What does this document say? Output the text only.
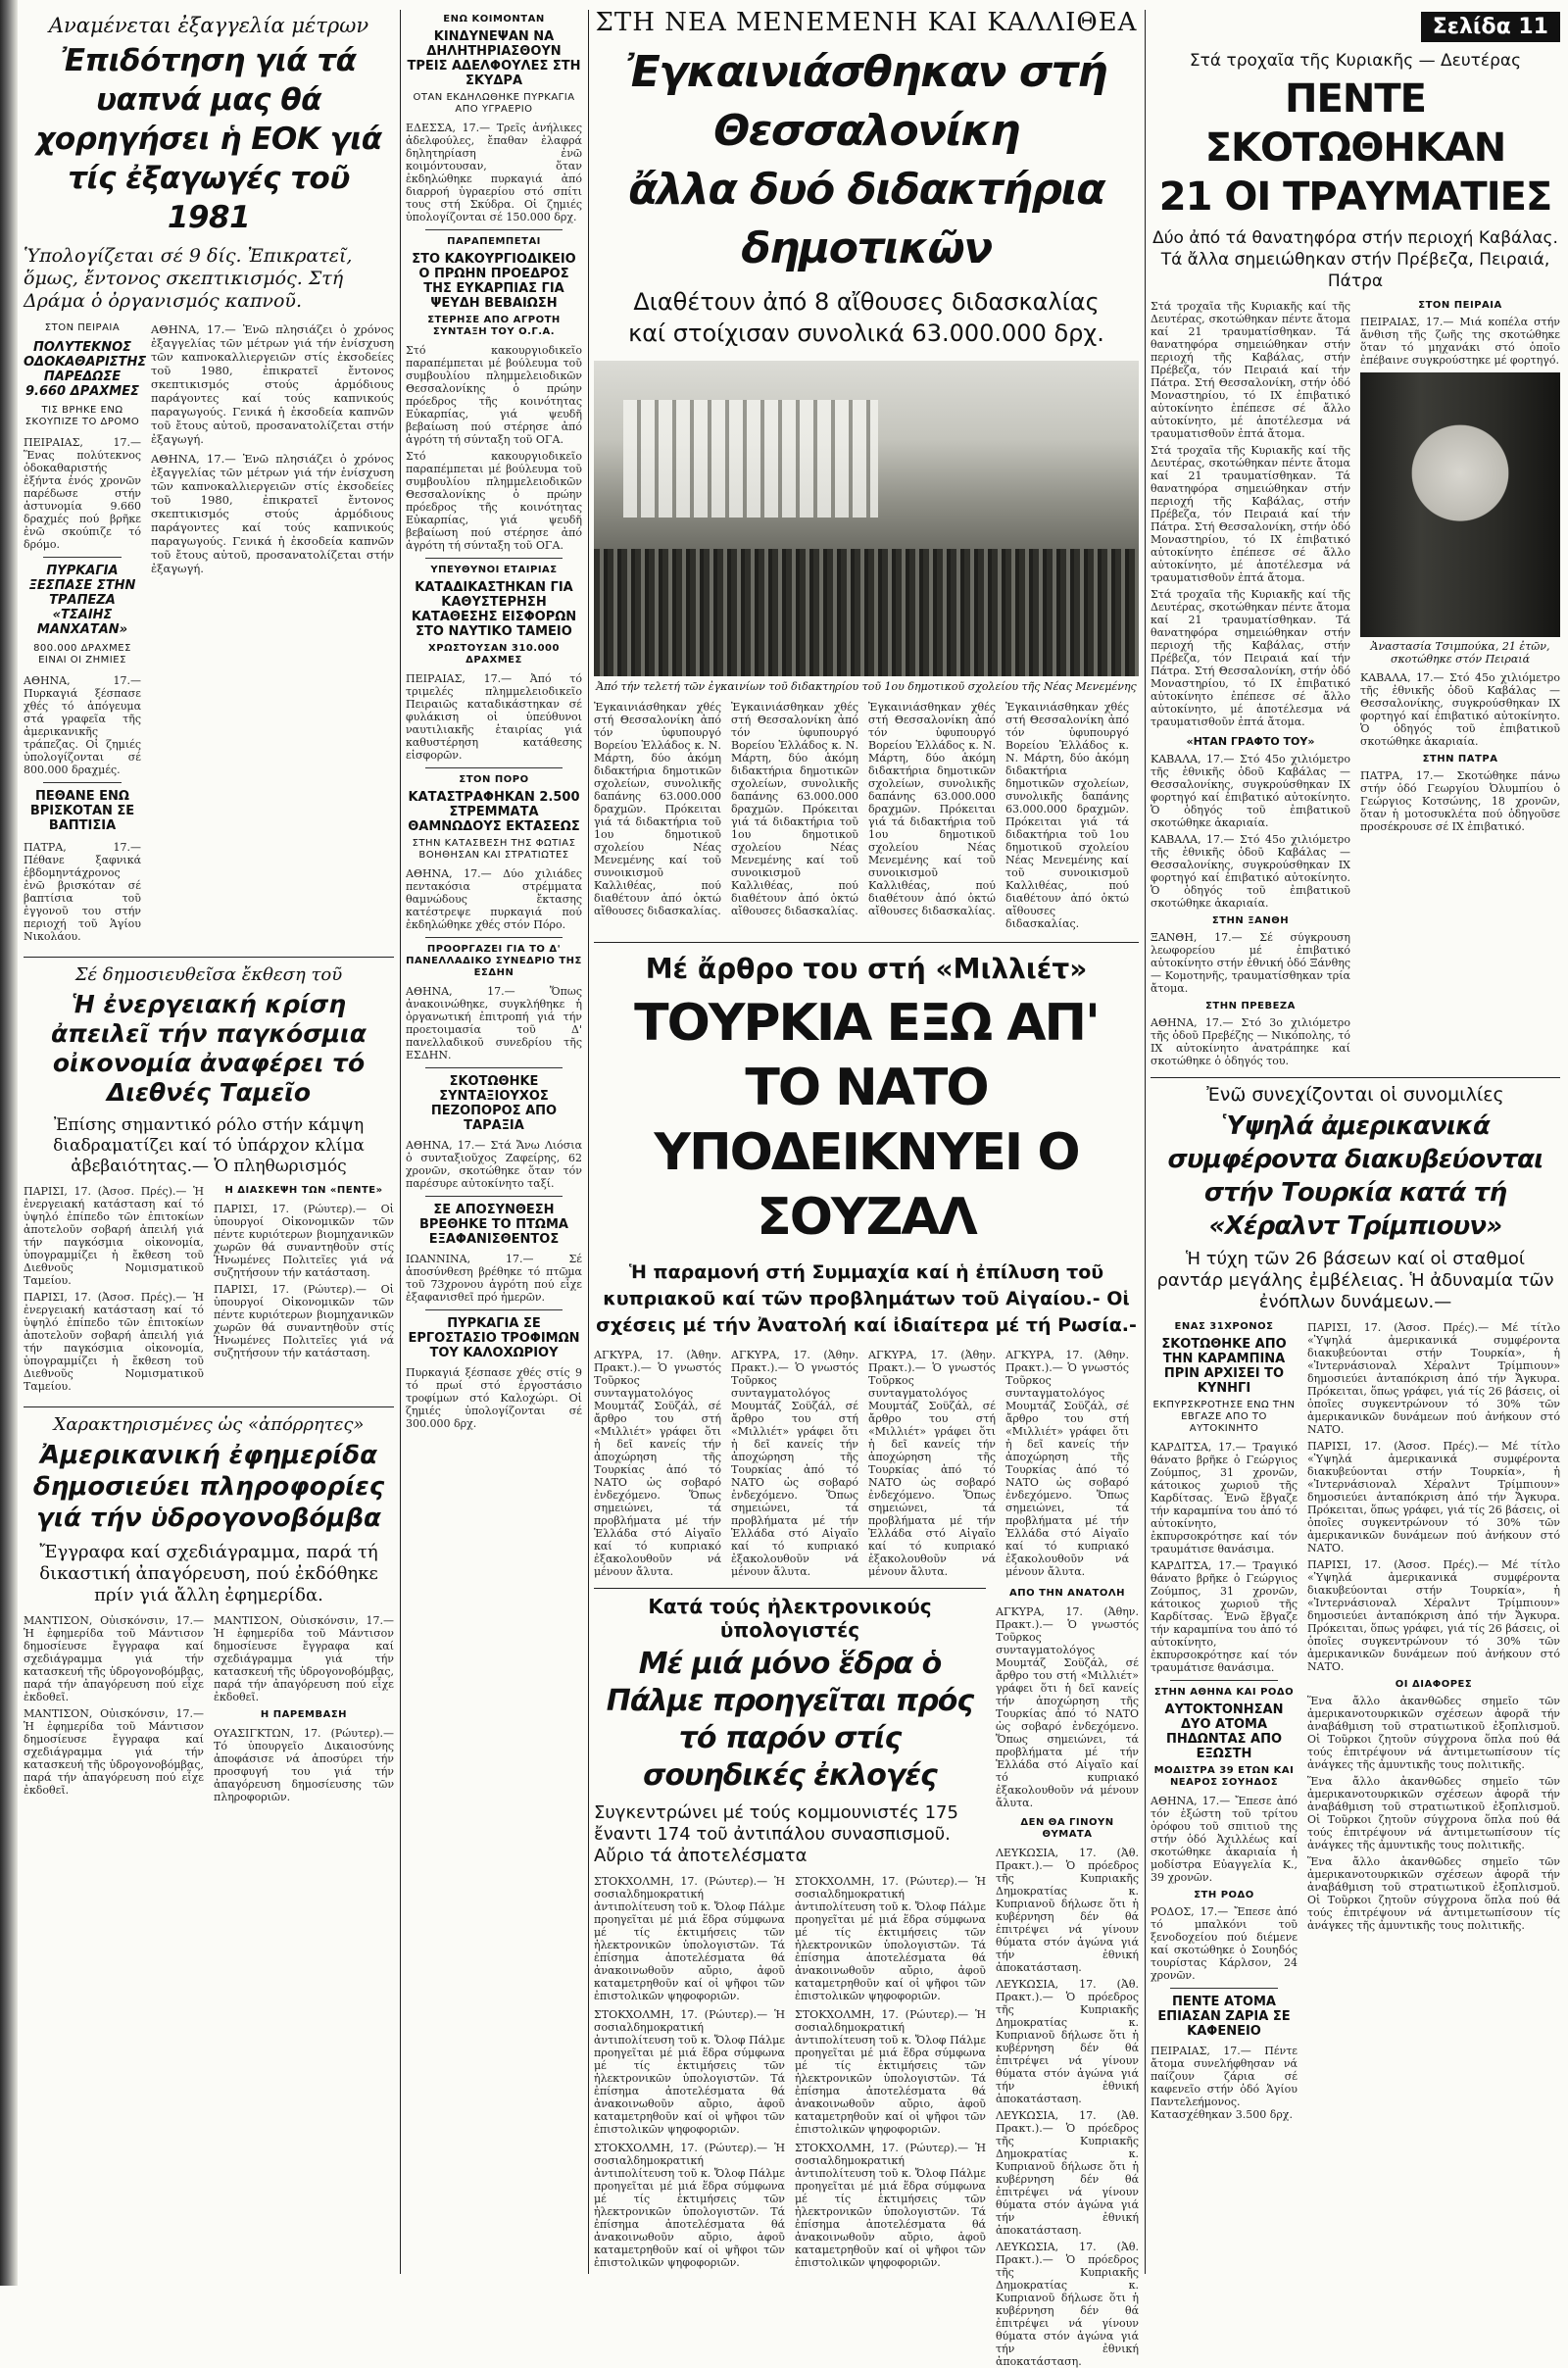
Αναμένεται ἐξαγγελία μέτρων
Ἐπιδότηση γιά τά υαπνά μας θά χορηγήσει ἡ ΕΟΚ γιά τίς ἐξαγωγές τοῦ 1981
Ὑπολογίζεται σέ 9 δίς. Ἐπικρατεῖ, ὅμως, ἔντονος σκεπτικισμός. Στή Δράμα ὁ ὀργανισμός καπνοῦ.
ΣΤΟΝ ΠΕΙΡΑΙΑ
ΠΟΛΥΤΕΚΝΟΣ ΟΔΟΚΑΘΑΡΙΣΤΗΣ ΠΑΡΕΔΩΣΕ 9.660 ΔΡΑΧΜΕΣ
ΤΙΣ ΒΡΗΚΕ ΕΝΩ ΣΚΟΥΠΙΖΕ ΤΟ ΔΡΟΜΟ
ΠΕΙΡΑΙΑΣ, 17.— Ἕνας πολύτεκνος ὁδοκαθαριστής ἐξήντα ἑνός χρονῶν παρέδωσε στήν ἀστυνομία 9.660 δραχμές πού βρῆκε ἐνῶ σκούπιζε τό δρόμο.
ΠΥΡΚΑΓΙΑ ΞΕΣΠΑΣΕ ΣΤΗΝ ΤΡΑΠΕΖΑ «ΤΣΑΙΗΣ ΜΑΝΧΑΤΑΝ»
800.000 ΔΡΑΧΜΕΣ ΕΙΝΑΙ ΟΙ ΖΗΜΙΕΣ
ΑΘΗΝΑ, 17.— Πυρκαγιά ξέσπασε χθές τό ἀπόγευμα στά γραφεῖα τῆς ἀμερικανικῆς τράπεζας. Οἱ ζημιές ὑπολογίζονται σέ 800.000 δραχμές.
ΠΕΘΑΝΕ ΕΝΩ ΒΡΙΣΚΟΤΑΝ ΣΕ ΒΑΠΤΙΣΙΑ
ΠΑΤΡΑ, 17.— Πέθανε ξαφνικά ἑβδομηντάχρονος ἐνῶ βρισκόταν σέ βαπτίσια τοῦ ἐγγονοῦ του στήν περιοχή τοῦ Ἁγίου Νικολάου.
ΑΘΗΝΑ, 17.— Ἐνῶ πλησιάζει ὁ χρόνος ἐξαγγελίας τῶν μέτρων γιά τήν ἐνίσχυση τῶν καπνοκαλλιεργειῶν στίς ἐκσοδείες τοῦ 1980, ἐπικρατεῖ ἔντονος σκεπτικισμός στούς ἁρμόδιους παράγοντες καί τούς καπνικούς παραγωγούς. Γενικά ἡ ἐκσοδεία καπνῶν τοῦ ἔτους αὐτοῦ, προσανατολίζεται στήν ἐξαγωγή.
ΑΘΗΝΑ, 17.— Ἐνῶ πλησιάζει ὁ χρόνος ἐξαγγελίας τῶν μέτρων γιά τήν ἐνίσχυση τῶν καπνοκαλλιεργειῶν στίς ἐκσοδείες τοῦ 1980, ἐπικρατεῖ ἔντονος σκεπτικισμός στούς ἁρμόδιους παράγοντες καί τούς καπνικούς παραγωγούς. Γενικά ἡ ἐκσοδεία καπνῶν τοῦ ἔτους αὐτοῦ, προσανατολίζεται στήν ἐξαγωγή.
Σέ δημοσιευθεῖσα ἔκθεση τοῦ
Ἡ ἐνεργειακή κρίση ἀπειλεῖ τήν παγκόσμια οἰκονομία ἀναφέρει τό Διεθνές Ταμεῖο
Ἐπίσης σημαντικό ρόλο στήν κάμψη διαδραματίζει καί τό ὑπάρχον κλίμα ἀβεβαιότητας.— Ὁ πληθωρισμός
ΠΑΡΙΣΙ, 17. (Ἀσοσ. Πρές).— Ἡ ἐνεργειακή κατάσταση καί τό ὑψηλό ἐπίπεδο τῶν ἐπιτοκίων ἀποτελοῦν σοβαρή ἀπειλή γιά τήν παγκόσμια οἰκονομία, ὑπογραμμίζει ἡ ἔκθεση τοῦ Διεθνοῦς Νομισματικοῦ Ταμείου.
ΠΑΡΙΣΙ, 17. (Ἀσοσ. Πρές).— Ἡ ἐνεργειακή κατάσταση καί τό ὑψηλό ἐπίπεδο τῶν ἐπιτοκίων ἀποτελοῦν σοβαρή ἀπειλή γιά τήν παγκόσμια οἰκονομία, ὑπογραμμίζει ἡ ἔκθεση τοῦ Διεθνοῦς Νομισματικοῦ Ταμείου.
Η ΔΙΑΣΚΕΨΗ ΤΩΝ «ΠΕΝΤΕ»
ΠΑΡΙΣΙ, 17. (Ρώυτερ).— Οἱ ὑπουργοί Οἰκονομικῶν τῶν πέντε κυριότερων βιομηχανικῶν χωρῶν θά συναντηθοῦν στίς Ἡνωμένες Πολιτεῖες γιά νά συζητήσουν τήν κατάσταση.
ΠΑΡΙΣΙ, 17. (Ρώυτερ).— Οἱ ὑπουργοί Οἰκονομικῶν τῶν πέντε κυριότερων βιομηχανικῶν χωρῶν θά συναντηθοῦν στίς Ἡνωμένες Πολιτεῖες γιά νά συζητήσουν τήν κατάσταση.
Χαρακτηρισμένες ὡς «ἀπόρρητες»
Ἀμερικανική ἐφημερίδα δημοσιεύει πληροφορίες γιά τήν ὑδρογονοβόμβα
Ἔγγραφα καί σχεδιάγραμμα, παρά τή δικαστική ἀπαγόρευση, πού ἐκδόθηκε πρίν γιά ἄλλη ἐφημερίδα.
ΜΑΝΤΙΣΟΝ, Οὐισκόνσιν, 17.— Ἡ ἐφημερίδα τοῦ Μάντισον δημοσίευσε ἔγγραφα καί σχεδιάγραμμα γιά τήν κατασκευή τῆς ὑδρογονοβόμβας, παρά τήν ἀπαγόρευση πού εἶχε ἐκδοθεῖ.
ΜΑΝΤΙΣΟΝ, Οὐισκόνσιν, 17.— Ἡ ἐφημερίδα τοῦ Μάντισον δημοσίευσε ἔγγραφα καί σχεδιάγραμμα γιά τήν κατασκευή τῆς ὑδρογονοβόμβας, παρά τήν ἀπαγόρευση πού εἶχε ἐκδοθεῖ.
ΜΑΝΤΙΣΟΝ, Οὐισκόνσιν, 17.— Ἡ ἐφημερίδα τοῦ Μάντισον δημοσίευσε ἔγγραφα καί σχεδιάγραμμα γιά τήν κατασκευή τῆς ὑδρογονοβόμβας, παρά τήν ἀπαγόρευση πού εἶχε ἐκδοθεῖ.
Η ΠΑΡΕΜΒΑΣΗ
ΟΥΑΣΙΓΚΤΩΝ, 17. (Ρώυτερ).— Τό ὑπουργεῖο Δικαιοσύνης ἀποφάσισε νά ἀποσύρει τήν προσφυγή του γιά τήν ἀπαγόρευση δημοσίευσης τῶν πληροφοριῶν.
ΕΝΩ ΚΟΙΜΟΝΤΑΝ
ΚΙΝΔΥΝΕΨΑΝ ΝΑ ΔΗΛΗΤΗΡΙΑΣΘΟΥΝ ΤΡΕΙΣ ΑΔΕΛΦΟΥΛΕΣ ΣΤΗ ΣΚΥΔΡΑ
ΟΤΑΝ ΕΚΔΗΛΩΘΗΚΕ ΠΥΡΚΑΓΙΑ ΑΠΟ ΥΓΡΑΕΡΙΟ
ΕΔΕΣΣΑ, 17.— Τρεῖς ἀνήλικες ἀδελφούλες, ἔπαθαν ἐλαφρά δηλητηρίαση ἐνῶ κοιμόντουσαν, ὅταν ἐκδηλώθηκε πυρκαγιά ἀπό διαρροή ὑγραερίου στό σπίτι τους στή Σκύδρα. Οἱ ζημιές ὑπολογίζονται σέ 150.000 δρχ.
ΠΑΡΑΠΕΜΠΕΤΑΙ
ΣΤΟ ΚΑΚΟΥΡΓΙΟΔΙΚΕΙΟ Ο ΠΡΩΗΝ ΠΡΟΕΔΡΟΣ ΤΗΣ ΕΥΚΑΡΠΙΑΣ ΓΙΑ ΨΕΥΔΗ ΒΕΒΑΙΩΣΗ
ΣΤΕΡΗΣΕ ΑΠΟ ΑΓΡΟΤΗ ΣΥΝΤΑΞΗ ΤΟΥ Ο.Γ.Α.
Στό κακουργιοδικεῖο παραπέμπεται μέ βούλευμα τοῦ συμβουλίου πλημμελειοδικῶν Θεσσαλονίκης ὁ πρώην πρόεδρος τῆς κοινότητας Εὐκαρπίας, γιά ψευδῆ βεβαίωση πού στέρησε ἀπό ἀγρότη τή σύνταξη τοῦ ΟΓΑ.
Στό κακουργιοδικεῖο παραπέμπεται μέ βούλευμα τοῦ συμβουλίου πλημμελειοδικῶν Θεσσαλονίκης ὁ πρώην πρόεδρος τῆς κοινότητας Εὐκαρπίας, γιά ψευδῆ βεβαίωση πού στέρησε ἀπό ἀγρότη τή σύνταξη τοῦ ΟΓΑ.
ΥΠΕΥΘΥΝΟΙ ΕΤΑΙΡΙΑΣ
ΚΑΤΑΔΙΚΑΣΤΗΚΑΝ ΓΙΑ ΚΑΘΥΣΤΕΡΗΣΗ ΚΑΤΑΘΕΣΗΣ ΕΙΣΦΟΡΩΝ ΣΤΟ ΝΑΥΤΙΚΟ ΤΑΜΕΙΟ
ΧΡΩΣΤΟΥΣΑΝ 310.000 ΔΡΑΧΜΕΣ
ΠΕΙΡΑΙΑΣ, 17.— Ἀπό τό τριμελές πλημμελειοδικεῖο Πειραιῶς καταδικάστηκαν σέ φυλάκιση οἱ ὑπεύθυνοι ναυτιλιακῆς ἑταιρίας γιά καθυστέρηση κατάθεσης εἰσφορῶν.
ΣΤΟΝ ΠΟΡΟ
ΚΑΤΑΣΤΡΑΦΗΚΑΝ 2.500 ΣΤΡΕΜΜΑΤΑ ΘΑΜΝΩΔΟΥΣ ΕΚΤΑΣΕΩΣ
ΣΤΗΝ ΚΑΤΑΣΒΕΣΗ ΤΗΣ ΦΩΤΙΑΣ ΒΟΗΘΗΣΑΝ ΚΑΙ ΣΤΡΑΤΙΩΤΕΣ
ΑΘΗΝΑ, 17.— Δύο χιλιάδες πεντακόσια στρέμματα θαμνώδους ἔκτασης κατέστρεψε πυρκαγιά πού ἐκδηλώθηκε χθές στόν Πόρο.
ΠΡΟΟΡΓΑΖΕΙ ΓΙΑ ΤΟ Δ' ΠΑΝΕΛΛΑΔΙΚΟ ΣΥΝΕΔΡΙΟ ΤΗΣ ΕΣΔΗΝ
ΑΘΗΝΑ, 17.— Ὅπως ἀνακοινώθηκε, συγκλήθηκε ἡ ὀργανωτική ἐπιτροπή γιά τήν προετοιμασία τοῦ Δ' πανελλαδικοῦ συνεδρίου τῆς ΕΣΔΗΝ.
ΣΚΟΤΩΘΗΚΕ ΣΥΝΤΑΞΙΟΥΧΟΣ ΠΕΖΟΠΟΡΟΣ ΑΠΟ ΤΑΡΑΞΙΑ
ΑΘΗΝΑ, 17.— Στά Ἄνω Λιόσια ὁ συνταξιοῦχος Ζαφείρης, 62 χρονῶν, σκοτώθηκε ὅταν τόν παρέσυρε αὐτοκίνητο ταξί.
ΣΕ ΑΠΟΣΥΝΘΕΣΗ ΒΡΕΘΗΚΕ ΤΟ ΠΤΩΜΑ ΕΞΑΦΑΝΙΣΘΕΝΤΟΣ
ΙΩΑΝΝΙΝΑ, 17.— Σέ ἀποσύνθεση βρέθηκε τό πτῶμα τοῦ 73χρονου ἀγρότη πού εἶχε ἐξαφανισθεῖ πρό ἡμερῶν.
ΠΥΡΚΑΓΙΑ ΣΕ ΕΡΓΟΣΤΑΣΙΟ ΤΡΟΦΙΜΩΝ ΤΟΥ ΚΑΛΟΧΩΡΙΟΥ
Πυρκαγιά ξέσπασε χθές στίς 9 τό πρωί στό ἐργοστάσιο τροφίμων στό Καλοχώρι. Οἱ ζημιές ὑπολογίζονται σέ 300.000 δρχ.
ΣΤΗ ΝΕΑ ΜΕΝΕΜΕΝΗ ΚΑΙ ΚΑΛΛΙΘΕΑ
Ἐγκαινιάσθηκαν στή Θεσσαλονίκη
ἄλλα δυό διδακτήρια δημοτικῶν
Διαθέτουν ἀπό 8 αἴθουσες διδασκαλίας
καί στοίχισαν συνολικά 63.000.000 δρχ.
Ἀπό τήν τελετή τῶν ἐγκαινίων τοῦ διδακτηρίου τοῦ 1ου δημοτικοῦ σχολείου τῆς Νέας Μενεμένης
Ἐγκαινιάσθηκαν χθές στή Θεσσαλονίκη ἀπό τόν ὑφυπουργό Βορείου Ἑλλάδος κ. Ν. Μάρτη, δύο ἀκόμη διδακτήρια δημοτικῶν σχολείων, συνολικῆς δαπάνης 63.000.000 δραχμῶν. Πρόκειται γιά τά διδακτήρια τοῦ 1ου δημοτικοῦ σχολείου Νέας Μενεμένης καί τοῦ συνοικισμοῦ Καλλιθέας, πού διαθέτουν ἀπό ὀκτώ αἴθουσες διδασκαλίας.
Ἐγκαινιάσθηκαν χθές στή Θεσσαλονίκη ἀπό τόν ὑφυπουργό Βορείου Ἑλλάδος κ. Ν. Μάρτη, δύο ἀκόμη διδακτήρια δημοτικῶν σχολείων, συνολικῆς δαπάνης 63.000.000 δραχμῶν. Πρόκειται γιά τά διδακτήρια τοῦ 1ου δημοτικοῦ σχολείου Νέας Μενεμένης καί τοῦ συνοικισμοῦ Καλλιθέας, πού διαθέτουν ἀπό ὀκτώ αἴθουσες διδασκαλίας.
Ἐγκαινιάσθηκαν χθές στή Θεσσαλονίκη ἀπό τόν ὑφυπουργό Βορείου Ἑλλάδος κ. Ν. Μάρτη, δύο ἀκόμη διδακτήρια δημοτικῶν σχολείων, συνολικῆς δαπάνης 63.000.000 δραχμῶν. Πρόκειται γιά τά διδακτήρια τοῦ 1ου δημοτικοῦ σχολείου Νέας Μενεμένης καί τοῦ συνοικισμοῦ Καλλιθέας, πού διαθέτουν ἀπό ὀκτώ αἴθουσες διδασκαλίας.
Ἐγκαινιάσθηκαν χθές στή Θεσσαλονίκη ἀπό τόν ὑφυπουργό Βορείου Ἑλλάδος κ. Ν. Μάρτη, δύο ἀκόμη διδακτήρια δημοτικῶν σχολείων, συνολικῆς δαπάνης 63.000.000 δραχμῶν. Πρόκειται γιά τά διδακτήρια τοῦ 1ου δημοτικοῦ σχολείου Νέας Μενεμένης καί τοῦ συνοικισμοῦ Καλλιθέας, πού διαθέτουν ἀπό ὀκτώ αἴθουσες διδασκαλίας.
Μέ ἄρθρο του στή «Μιλλιέτ»
ΤΟΥΡΚΙΑ ΕΞΩ ΑΠ' ΤΟ ΝΑΤΟ
ΥΠΟΔΕΙΚΝΥΕΙ Ο ΣΟΥΖΑΛ
Ἡ παραμονή στή Συμμαχία καί ἡ ἐπίλυση τοῦ κυπριακοῦ καί τῶν προβλημάτων τοῦ Αἰγαίου.- Οἱ σχέσεις μέ τήν Ἀνατολή καί ἰδιαίτερα μέ τή Ρωσία.-
ΑΓΚΥΡΑ, 17. (Ἀθην. Πρακτ.).— Ὁ γνωστός Τοῦρκος συνταγματολόγος Μουμτάζ Σοϋζάλ, σέ ἄρθρο του στή «Μιλλιέτ» γράφει ὅτι ἡ δεῖ κανείς τήν ἀποχώρηση τῆς Τουρκίας ἀπό τό ΝΑΤΟ ὡς σοβαρό ἐνδεχόμενο. Ὅπως σημειώνει, τά προβλήματα μέ τήν Ἑλλάδα στό Αἰγαῖο καί τό κυπριακό ἐξακολουθοῦν νά μένουν ἄλυτα.
ΑΓΚΥΡΑ, 17. (Ἀθην. Πρακτ.).— Ὁ γνωστός Τοῦρκος συνταγματολόγος Μουμτάζ Σοϋζάλ, σέ ἄρθρο του στή «Μιλλιέτ» γράφει ὅτι ἡ δεῖ κανείς τήν ἀποχώρηση τῆς Τουρκίας ἀπό τό ΝΑΤΟ ὡς σοβαρό ἐνδεχόμενο. Ὅπως σημειώνει, τά προβλήματα μέ τήν Ἑλλάδα στό Αἰγαῖο καί τό κυπριακό ἐξακολουθοῦν νά μένουν ἄλυτα.
ΑΓΚΥΡΑ, 17. (Ἀθην. Πρακτ.).— Ὁ γνωστός Τοῦρκος συνταγματολόγος Μουμτάζ Σοϋζάλ, σέ ἄρθρο του στή «Μιλλιέτ» γράφει ὅτι ἡ δεῖ κανείς τήν ἀποχώρηση τῆς Τουρκίας ἀπό τό ΝΑΤΟ ὡς σοβαρό ἐνδεχόμενο. Ὅπως σημειώνει, τά προβλήματα μέ τήν Ἑλλάδα στό Αἰγαῖο καί τό κυπριακό ἐξακολουθοῦν νά μένουν ἄλυτα.
ΑΓΚΥΡΑ, 17. (Ἀθην. Πρακτ.).— Ὁ γνωστός Τοῦρκος συνταγματολόγος Μουμτάζ Σοϋζάλ, σέ ἄρθρο του στή «Μιλλιέτ» γράφει ὅτι ἡ δεῖ κανείς τήν ἀποχώρηση τῆς Τουρκίας ἀπό τό ΝΑΤΟ ὡς σοβαρό ἐνδεχόμενο. Ὅπως σημειώνει, τά προβλήματα μέ τήν Ἑλλάδα στό Αἰγαῖο καί τό κυπριακό ἐξακολουθοῦν νά μένουν ἄλυτα.
Κατά τούς ἠλεκτρονικούς ὑπολογιστές
Μέ μιά μόνο ἕδρα ὁ Πάλμε προηγεῖται πρός τό παρόν στίς σουηδικές ἐκλογές
Συγκεντρώνει μέ τούς κομμουνιστές 175 ἔναντι 174 τοῦ ἀντιπάλου συνασπισμοῦ. Αὔριο τά ἀποτελέσματα
ΣΤΟΚΧΟΛΜΗ, 17. (Ρώυτερ).— Ἡ σοσιαλδημοκρατική ἀντιπολίτευση τοῦ κ. Ὄλοφ Πάλμε προηγεῖται μέ μιά ἕδρα σύμφωνα μέ τίς ἐκτιμήσεις τῶν ἠλεκτρονικῶν ὑπολογιστῶν. Τά ἐπίσημα ἀποτελέσματα θά ἀνακοινωθοῦν αὔριο, ἀφοῦ καταμετρηθοῦν καί οἱ ψῆφοι τῶν ἐπιστολικῶν ψηφοφοριῶν.
ΣΤΟΚΧΟΛΜΗ, 17. (Ρώυτερ).— Ἡ σοσιαλδημοκρατική ἀντιπολίτευση τοῦ κ. Ὄλοφ Πάλμε προηγεῖται μέ μιά ἕδρα σύμφωνα μέ τίς ἐκτιμήσεις τῶν ἠλεκτρονικῶν ὑπολογιστῶν. Τά ἐπίσημα ἀποτελέσματα θά ἀνακοινωθοῦν αὔριο, ἀφοῦ καταμετρηθοῦν καί οἱ ψῆφοι τῶν ἐπιστολικῶν ψηφοφοριῶν.
ΣΤΟΚΧΟΛΜΗ, 17. (Ρώυτερ).— Ἡ σοσιαλδημοκρατική ἀντιπολίτευση τοῦ κ. Ὄλοφ Πάλμε προηγεῖται μέ μιά ἕδρα σύμφωνα μέ τίς ἐκτιμήσεις τῶν ἠλεκτρονικῶν ὑπολογιστῶν. Τά ἐπίσημα ἀποτελέσματα θά ἀνακοινωθοῦν αὔριο, ἀφοῦ καταμετρηθοῦν καί οἱ ψῆφοι τῶν ἐπιστολικῶν ψηφοφοριῶν.
ΣΤΟΚΧΟΛΜΗ, 17. (Ρώυτερ).— Ἡ σοσιαλδημοκρατική ἀντιπολίτευση τοῦ κ. Ὄλοφ Πάλμε προηγεῖται μέ μιά ἕδρα σύμφωνα μέ τίς ἐκτιμήσεις τῶν ἠλεκτρονικῶν ὑπολογιστῶν. Τά ἐπίσημα ἀποτελέσματα θά ἀνακοινωθοῦν αὔριο, ἀφοῦ καταμετρηθοῦν καί οἱ ψῆφοι τῶν ἐπιστολικῶν ψηφοφοριῶν.
ΣΤΟΚΧΟΛΜΗ, 17. (Ρώυτερ).— Ἡ σοσιαλδημοκρατική ἀντιπολίτευση τοῦ κ. Ὄλοφ Πάλμε προηγεῖται μέ μιά ἕδρα σύμφωνα μέ τίς ἐκτιμήσεις τῶν ἠλεκτρονικῶν ὑπολογιστῶν. Τά ἐπίσημα ἀποτελέσματα θά ἀνακοινωθοῦν αὔριο, ἀφοῦ καταμετρηθοῦν καί οἱ ψῆφοι τῶν ἐπιστολικῶν ψηφοφοριῶν.
ΣΤΟΚΧΟΛΜΗ, 17. (Ρώυτερ).— Ἡ σοσιαλδημοκρατική ἀντιπολίτευση τοῦ κ. Ὄλοφ Πάλμε προηγεῖται μέ μιά ἕδρα σύμφωνα μέ τίς ἐκτιμήσεις τῶν ἠλεκτρονικῶν ὑπολογιστῶν. Τά ἐπίσημα ἀποτελέσματα θά ἀνακοινωθοῦν αὔριο, ἀφοῦ καταμετρηθοῦν καί οἱ ψῆφοι τῶν ἐπιστολικῶν ψηφοφοριῶν.
ΑΠΟ ΤΗΝ ΑΝΑΤΟΛΗ
ΑΓΚΥΡΑ, 17. (Ἀθην. Πρακτ.).— Ὁ γνωστός Τοῦρκος συνταγματολόγος Μουμτάζ Σοϋζάλ, σέ ἄρθρο του στή «Μιλλιέτ» γράφει ὅτι ἡ δεῖ κανείς τήν ἀποχώρηση τῆς Τουρκίας ἀπό τό ΝΑΤΟ ὡς σοβαρό ἐνδεχόμενο. Ὅπως σημειώνει, τά προβλήματα μέ τήν Ἑλλάδα στό Αἰγαῖο καί τό κυπριακό ἐξακολουθοῦν νά μένουν ἄλυτα.
ΔΕΝ ΘΑ ΓΙΝΟΥΝ ΘΥΜΑΤΑ
ΛΕΥΚΩΣΙΑ, 17. (Ἀθ. Πρακτ.).— Ὁ πρόεδρος τῆς Κυπριακῆς Δημοκρατίας κ. Κυπριανοῦ δήλωσε ὅτι ἡ κυβέρνηση δέν θά ἐπιτρέψει νά γίνουν θύματα στόν ἀγώνα γιά τήν ἐθνική ἀποκατάσταση.
ΛΕΥΚΩΣΙΑ, 17. (Ἀθ. Πρακτ.).— Ὁ πρόεδρος τῆς Κυπριακῆς Δημοκρατίας κ. Κυπριανοῦ δήλωσε ὅτι ἡ κυβέρνηση δέν θά ἐπιτρέψει νά γίνουν θύματα στόν ἀγώνα γιά τήν ἐθνική ἀποκατάσταση.
ΛΕΥΚΩΣΙΑ, 17. (Ἀθ. Πρακτ.).— Ὁ πρόεδρος τῆς Κυπριακῆς Δημοκρατίας κ. Κυπριανοῦ δήλωσε ὅτι ἡ κυβέρνηση δέν θά ἐπιτρέψει νά γίνουν θύματα στόν ἀγώνα γιά τήν ἐθνική ἀποκατάσταση.
ΛΕΥΚΩΣΙΑ, 17. (Ἀθ. Πρακτ.).— Ὁ πρόεδρος τῆς Κυπριακῆς Δημοκρατίας κ. Κυπριανοῦ δήλωσε ὅτι ἡ κυβέρνηση δέν θά ἐπιτρέψει νά γίνουν θύματα στόν ἀγώνα γιά τήν ἐθνική ἀποκατάσταση.
Σελίδα 11
Στά τροχαῖα τῆς Κυριακῆς — Δευτέρας
ΠΕΝΤΕ ΣΚΟΤΩΘΗΚΑΝ
21 ΟΙ ΤΡΑΥΜΑΤΙΕΣ
Δύο ἀπό τά θανατηφόρα στήν περιοχή Καβάλας. Τά ἄλλα σημειώθηκαν στήν Πρέβεζα, Πειραιά, Πάτρα
Στά τροχαῖα τῆς Κυριακῆς καί τῆς Δευτέρας, σκοτώθηκαν πέντε ἄτομα καί 21 τραυματίσθηκαν. Τά θανατηφόρα σημειώθηκαν στήν περιοχή τῆς Καβάλας, στήν Πρέβεζα, τόν Πειραιά καί τήν Πάτρα. Στή Θεσσαλονίκη, στήν ὁδό Μοναστηρίου, τό ΙΧ ἐπιβατικό αὐτοκίνητο ἐπέπεσε σέ ἄλλο αὐτοκίνητο, μέ ἀποτέλεσμα νά τραυματισθοῦν ἐπτά ἄτομα.
Στά τροχαῖα τῆς Κυριακῆς καί τῆς Δευτέρας, σκοτώθηκαν πέντε ἄτομα καί 21 τραυματίσθηκαν. Τά θανατηφόρα σημειώθηκαν στήν περιοχή τῆς Καβάλας, στήν Πρέβεζα, τόν Πειραιά καί τήν Πάτρα. Στή Θεσσαλονίκη, στήν ὁδό Μοναστηρίου, τό ΙΧ ἐπιβατικό αὐτοκίνητο ἐπέπεσε σέ ἄλλο αὐτοκίνητο, μέ ἀποτέλεσμα νά τραυματισθοῦν ἐπτά ἄτομα.
Στά τροχαῖα τῆς Κυριακῆς καί τῆς Δευτέρας, σκοτώθηκαν πέντε ἄτομα καί 21 τραυματίσθηκαν. Τά θανατηφόρα σημειώθηκαν στήν περιοχή τῆς Καβάλας, στήν Πρέβεζα, τόν Πειραιά καί τήν Πάτρα. Στή Θεσσαλονίκη, στήν ὁδό Μοναστηρίου, τό ΙΧ ἐπιβατικό αὐτοκίνητο ἐπέπεσε σέ ἄλλο αὐτοκίνητο, μέ ἀποτέλεσμα νά τραυματισθοῦν ἐπτά ἄτομα.
«ΗΤΑΝ ΓΡΑΦΤΟ ΤΟΥ»
ΚΑΒΑΛΑ, 17.— Στό 45ο χιλιόμετρο τῆς ἐθνικῆς ὁδοῦ Καβάλας — Θεσσαλονίκης, συγκρούσθηκαν ΙΧ φορτηγό καί ἐπιβατικό αὐτοκίνητο. Ὁ ὁδηγός τοῦ ἐπιβατικοῦ σκοτώθηκε ἀκαριαία.
ΚΑΒΑΛΑ, 17.— Στό 45ο χιλιόμετρο τῆς ἐθνικῆς ὁδοῦ Καβάλας — Θεσσαλονίκης, συγκρούσθηκαν ΙΧ φορτηγό καί ἐπιβατικό αὐτοκίνητο. Ὁ ὁδηγός τοῦ ἐπιβατικοῦ σκοτώθηκε ἀκαριαία.
ΣΤΗΝ ΞΑΝΘΗ
ΞΑΝΘΗ, 17.— Σέ σύγκρουση λεωφορείου μέ ἐπιβατικό αὐτοκίνητο στήν ἐθνική ὁδό Ξάνθης — Κομοτηνῆς, τραυματίσθηκαν τρία ἄτομα.
ΣΤΗΝ ΠΡΕΒΕΖΑ
ΑΘΗΝΑ, 17.— Στό 3ο χιλιόμετρο τῆς ὁδοῦ Πρεβέζης — Νικόπολης, τό ΙΧ αὐτοκίνητο ἀνατράπηκε καί σκοτώθηκε ὁ ὁδηγός του.
ΣΤΟΝ ΠΕΙΡΑΙΑ
ΠΕΙΡΑΙΑΣ, 17.— Μιά κοπέλα στήν ἄνθιση τῆς ζωῆς της σκοτώθηκε ὅταν τό μηχανάκι στό ὁποῖο ἐπέβαινε συγκρούστηκε μέ φορτηγό.
Ἀναστασία Τσιμπούκα, 21 ἐτῶν, σκοτώθηκε στόν Πειραιά
ΚΑΒΑΛΑ, 17.— Στό 45ο χιλιόμετρο τῆς ἐθνικῆς ὁδοῦ Καβάλας — Θεσσαλονίκης, συγκρούσθηκαν ΙΧ φορτηγό καί ἐπιβατικό αὐτοκίνητο. Ὁ ὁδηγός τοῦ ἐπιβατικοῦ σκοτώθηκε ἀκαριαία.
ΣΤΗΝ ΠΑΤΡΑ
ΠΑΤΡΑ, 17.— Σκοτώθηκε πάνω στήν ὁδό Γεωργίου Ὀλυμπίου ὁ Γεώργιος Κοτσώνης, 18 χρονῶν, ὅταν ἡ μοτοσυκλέτα πού ὁδηγοῦσε προσέκρουσε σέ ΙΧ ἐπιβατικό.
Ἐνῶ συνεχίζονται οἱ συνομιλίες
Ὑψηλά ἀμερικανικά συμφέροντα διακυβεύονται στήν Τουρκία κατά τή «Χέραλντ Τρίμπιουν»
Ἡ τύχη τῶν 26 βάσεων καί οἱ σταθμοί ραντάρ μεγάλης ἐμβέλειας. Ἡ ἀδυναμία τῶν ἐνόπλων δυνάμεων.—
ΕΝΑΣ 31ΧΡΟΝΟΣ
ΣΚΟΤΩΘΗΚΕ ΑΠΟ ΤΗΝ ΚΑΡΑΜΠΙΝΑ ΠΡΙΝ ΑΡΧΙΣΕΙ ΤΟ ΚΥΝΗΓΙ
ΕΚΠΥΡΣΚΡΟΤΗΣΕ ΕΝΩ ΤΗΝ ΕΒΓΑΖΕ ΑΠΟ ΤΟ ΑΥΤΟΚΙΝΗΤΟ
ΚΑΡΔΙΤΣΑ, 17.— Τραγικό θάνατο βρῆκε ὁ Γεώργιος Ζούμπος, 31 χρονῶν, κάτοικος χωριοῦ τῆς Καρδίτσας. Ἐνῶ ἔβγαζε τήν καραμπίνα του ἀπό τό αὐτοκίνητο, ἐκπυρσοκρότησε καί τόν τραυμάτισε θανάσιμα.
ΚΑΡΔΙΤΣΑ, 17.— Τραγικό θάνατο βρῆκε ὁ Γεώργιος Ζούμπος, 31 χρονῶν, κάτοικος χωριοῦ τῆς Καρδίτσας. Ἐνῶ ἔβγαζε τήν καραμπίνα του ἀπό τό αὐτοκίνητο, ἐκπυρσοκρότησε καί τόν τραυμάτισε θανάσιμα.
ΣΤΗΝ ΑΘΗΝΑ ΚΑΙ ΡΟΔΟ
ΑΥΤΟΚΤΟΝΗΣΑΝ ΔΥΟ ΑΤΟΜΑ ΠΗΔΩΝΤΑΣ ΑΠΟ ΕΞΩΣΤΗ
ΜΟΔΙΣΤΡΑ 39 ΕΤΩΝ ΚΑΙ ΝΕΑΡΟΣ ΣΟΥΗΔΟΣ
ΑΘΗΝΑ, 17.— Ἔπεσε ἀπό τόν ἐξώστη τοῦ τρίτου ὀρόφου τοῦ σπιτιοῦ της στήν ὁδό Ἀχιλλέως καί σκοτώθηκε ἀκαριαία ἡ μοδίστρα Εὐαγγελία Κ., 39 χρονῶν.
ΣΤΗ ΡΟΔΟ
ΡΟΔΟΣ, 17.— Ἔπεσε ἀπό τό μπαλκόνι τοῦ ξενοδοχείου πού διέμενε καί σκοτώθηκε ὁ Σουηδός τουρίστας Κάρλσον, 24 χρονῶν.
ΠΕΝΤΕ ΑΤΟΜΑ ΕΠΙΑΣΑΝ ΖΑΡΙΑ ΣΕ ΚΑΦΕΝΕΙΟ
ΠΕΙΡΑΙΑΣ, 17.— Πέντε ἄτομα συνελήφθησαν νά παίζουν ζάρια σέ καφενεῖο στήν ὁδό Ἁγίου Παντελεήμονος. Κατασχέθηκαν 3.500 δρχ.
ΠΑΡΙΣΙ, 17. (Ἀσοσ. Πρές).— Μέ τίτλο «Ὑψηλά ἀμερικανικά συμφέροντα διακυβεύονται στήν Τουρκία», ἡ «Ἰντερνάσιοναλ Χέραλντ Τρίμπιουν» δημοσιεύει ἀνταπόκριση ἀπό τήν Ἄγκυρα. Πρόκειται, ὅπως γράφει, γιά τίς 26 βάσεις, οἱ ὁποῖες συγκεντρώνουν τό 30% τῶν ἀμερικανικῶν δυνάμεων πού ἀνήκουν στό ΝΑΤΟ.
ΠΑΡΙΣΙ, 17. (Ἀσοσ. Πρές).— Μέ τίτλο «Ὑψηλά ἀμερικανικά συμφέροντα διακυβεύονται στήν Τουρκία», ἡ «Ἰντερνάσιοναλ Χέραλντ Τρίμπιουν» δημοσιεύει ἀνταπόκριση ἀπό τήν Ἄγκυρα. Πρόκειται, ὅπως γράφει, γιά τίς 26 βάσεις, οἱ ὁποῖες συγκεντρώνουν τό 30% τῶν ἀμερικανικῶν δυνάμεων πού ἀνήκουν στό ΝΑΤΟ.
ΠΑΡΙΣΙ, 17. (Ἀσοσ. Πρές).— Μέ τίτλο «Ὑψηλά ἀμερικανικά συμφέροντα διακυβεύονται στήν Τουρκία», ἡ «Ἰντερνάσιοναλ Χέραλντ Τρίμπιουν» δημοσιεύει ἀνταπόκριση ἀπό τήν Ἄγκυρα. Πρόκειται, ὅπως γράφει, γιά τίς 26 βάσεις, οἱ ὁποῖες συγκεντρώνουν τό 30% τῶν ἀμερικανικῶν δυνάμεων πού ἀνήκουν στό ΝΑΤΟ.
ΟΙ ΔΙΑΦΟΡΕΣ
Ἕνα ἄλλο ἀκανθῶδες σημεῖο τῶν ἀμερικανοτουρκικῶν σχέσεων ἀφορᾶ τήν ἀναβάθμιση τοῦ στρατιωτικοῦ ἐξοπλισμοῦ. Οἱ Τοῦρκοι ζητοῦν σύγχρονα ὅπλα πού θά τούς ἐπιτρέψουν νά ἀντιμετωπίσουν τίς ἀνάγκες τῆς ἀμυντικῆς τους πολιτικῆς.
Ἕνα ἄλλο ἀκανθῶδες σημεῖο τῶν ἀμερικανοτουρκικῶν σχέσεων ἀφορᾶ τήν ἀναβάθμιση τοῦ στρατιωτικοῦ ἐξοπλισμοῦ. Οἱ Τοῦρκοι ζητοῦν σύγχρονα ὅπλα πού θά τούς ἐπιτρέψουν νά ἀντιμετωπίσουν τίς ἀνάγκες τῆς ἀμυντικῆς τους πολιτικῆς.
Ἕνα ἄλλο ἀκανθῶδες σημεῖο τῶν ἀμερικανοτουρκικῶν σχέσεων ἀφορᾶ τήν ἀναβάθμιση τοῦ στρατιωτικοῦ ἐξοπλισμοῦ. Οἱ Τοῦρκοι ζητοῦν σύγχρονα ὅπλα πού θά τούς ἐπιτρέψουν νά ἀντιμετωπίσουν τίς ἀνάγκες τῆς ἀμυντικῆς τους πολιτικῆς.
